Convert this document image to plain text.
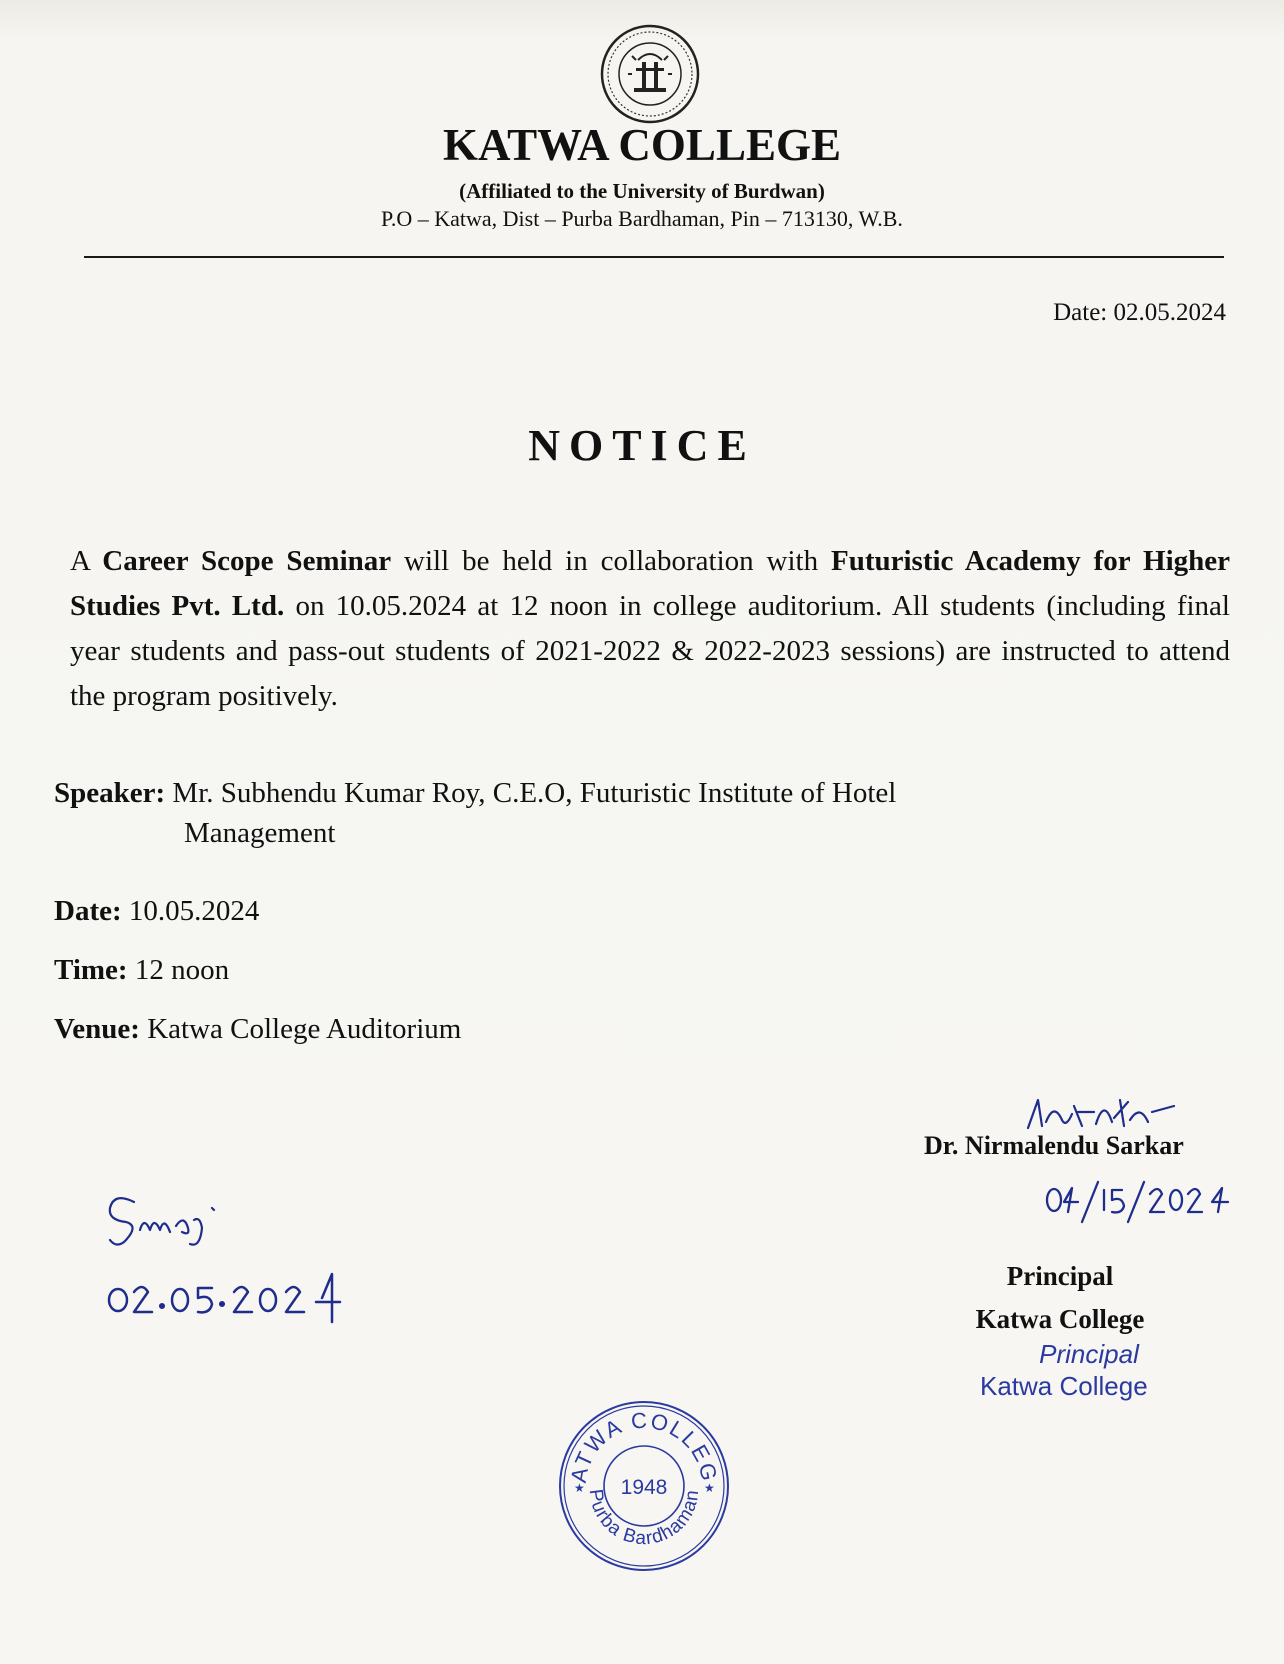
KATWA COLLEGE
(Affiliated to the University of Burdwan)
P.O – Katwa, Dist – Purba Bardhaman, Pin – 713130, W.B.
Date: 02.05.2024
NOTICE
A Career Scope Seminar will be held in collaboration with Futuristic Academy for Higher Studies Pvt. Ltd. on 10.05.2024 at 12 noon in college auditorium. All students (including final year students and pass-out students of 2021-2022 & 2022-2023 sessions) are instructed to attend the program positively.
Speaker: Mr. Subhendu Kumar Roy, C.E.O, Futuristic Institute of Hotel
Management
Date: 10.05.2024
Time: 12 noon
Venue: Katwa College Auditorium
Dr. Nirmalendu Sarkar
Principal
Katwa College
Principal
Katwa College
ATWA COLLEG
Purba Bardhaman
1948
★	★
